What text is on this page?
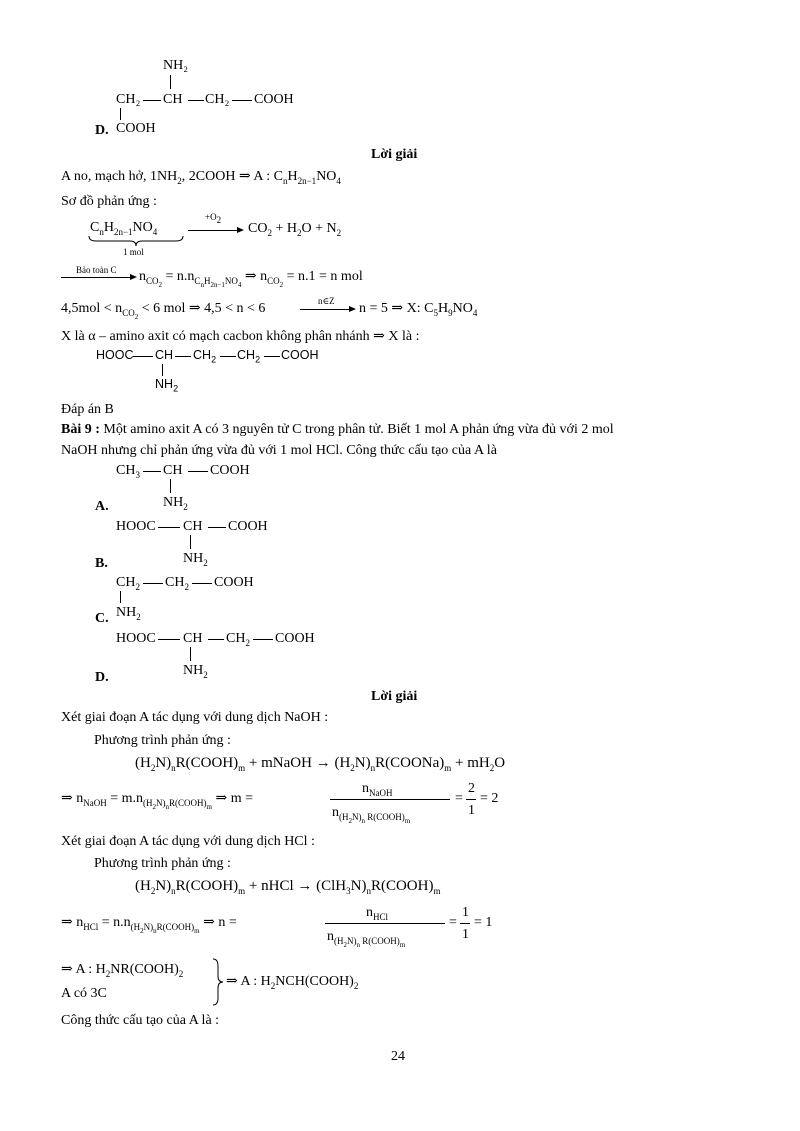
NH₂
CH₂ CH CH₂ COOH
D. COOH
Lời giải
A no, mạch hở, $1NH_2$, 2COOH ⇒ A : $C_nH_{2n-1}NO_4$
Sơ đồ phản ứng :
$C_nH_{2n-1}NO_4$
1 mol
$+O_2$
$CO_2 + H_2O + N_2$
Bảo toàn C $n_{CO_2} = n.n_{C_nH_{2n-1}NO_4}$ ⇒ $n_{CO_2} = n.1 = n$ mol
$4,5mol < n_{CO_2} < 6$ mol ⇒ 4,5 < n < 6	n∈Z n = 5 ⇒ X: $C_5H_9NO_4$
X là α – amino axit có mạch cacbon không phân nhánh ⇒ X là :
HOOC CH $CH_2$ $CH_2$ COOH
$NH_2$
Đáp án B
Bài 9 : Một amino axit A có 3 nguyên tử C trong phân tử. Biết 1 mol A phản ứng vừa đủ với 2 mol
NaOH nhưng chỉ phản ứng vừa đủ với 1 mol HCl. Công thức cấu tạo của A là
$CH_3$ CH COOH
A.	$NH_2$
HOOC CH COOH
B.	$NH_2$
$CH_2$ $CH_2$ COOH
C. $NH_2$
HOOC CH $CH_2$ COOH
D.	$NH_2$
Lời giải
Xét giai đoạn A tác dụng với dung dịch NaOH :
Phương trình phản ứng :
$(H_2N)_nR(COOH)_m$ + mNaOH → $(H_2N)_nR(COONa)_m + mH_2O$
⇒ $n_{NaOH} = m.n_{(H_2N)_nR(COOH)_m}$ ⇒ m =
$n_{NaOH}$
$n_{(H_2N)_n R(COOH)_m}$
=
2
1
= 2
Xét giai đoạn A tác dụng với dung dịch HCl :
Phương trình phản ứng :
$(H_2N)_nR(COOH)_m$ + nHCl → $(ClH_3N)_nR(COOH)_m$
⇒ $n_{HCl} = n.n_{(H_2N)_nR(COOH)_m}$ ⇒ n =
$n_{HCl}$
$n_{(H_2N)_n R(COOH)_m}$
=
1
1
= 1
⇒ A : $H_2NR(COOH)_2$
A có 3C
⇒ A : $H_2NCH(COOH)_2$
Công thức cấu tạo của A là :
24
